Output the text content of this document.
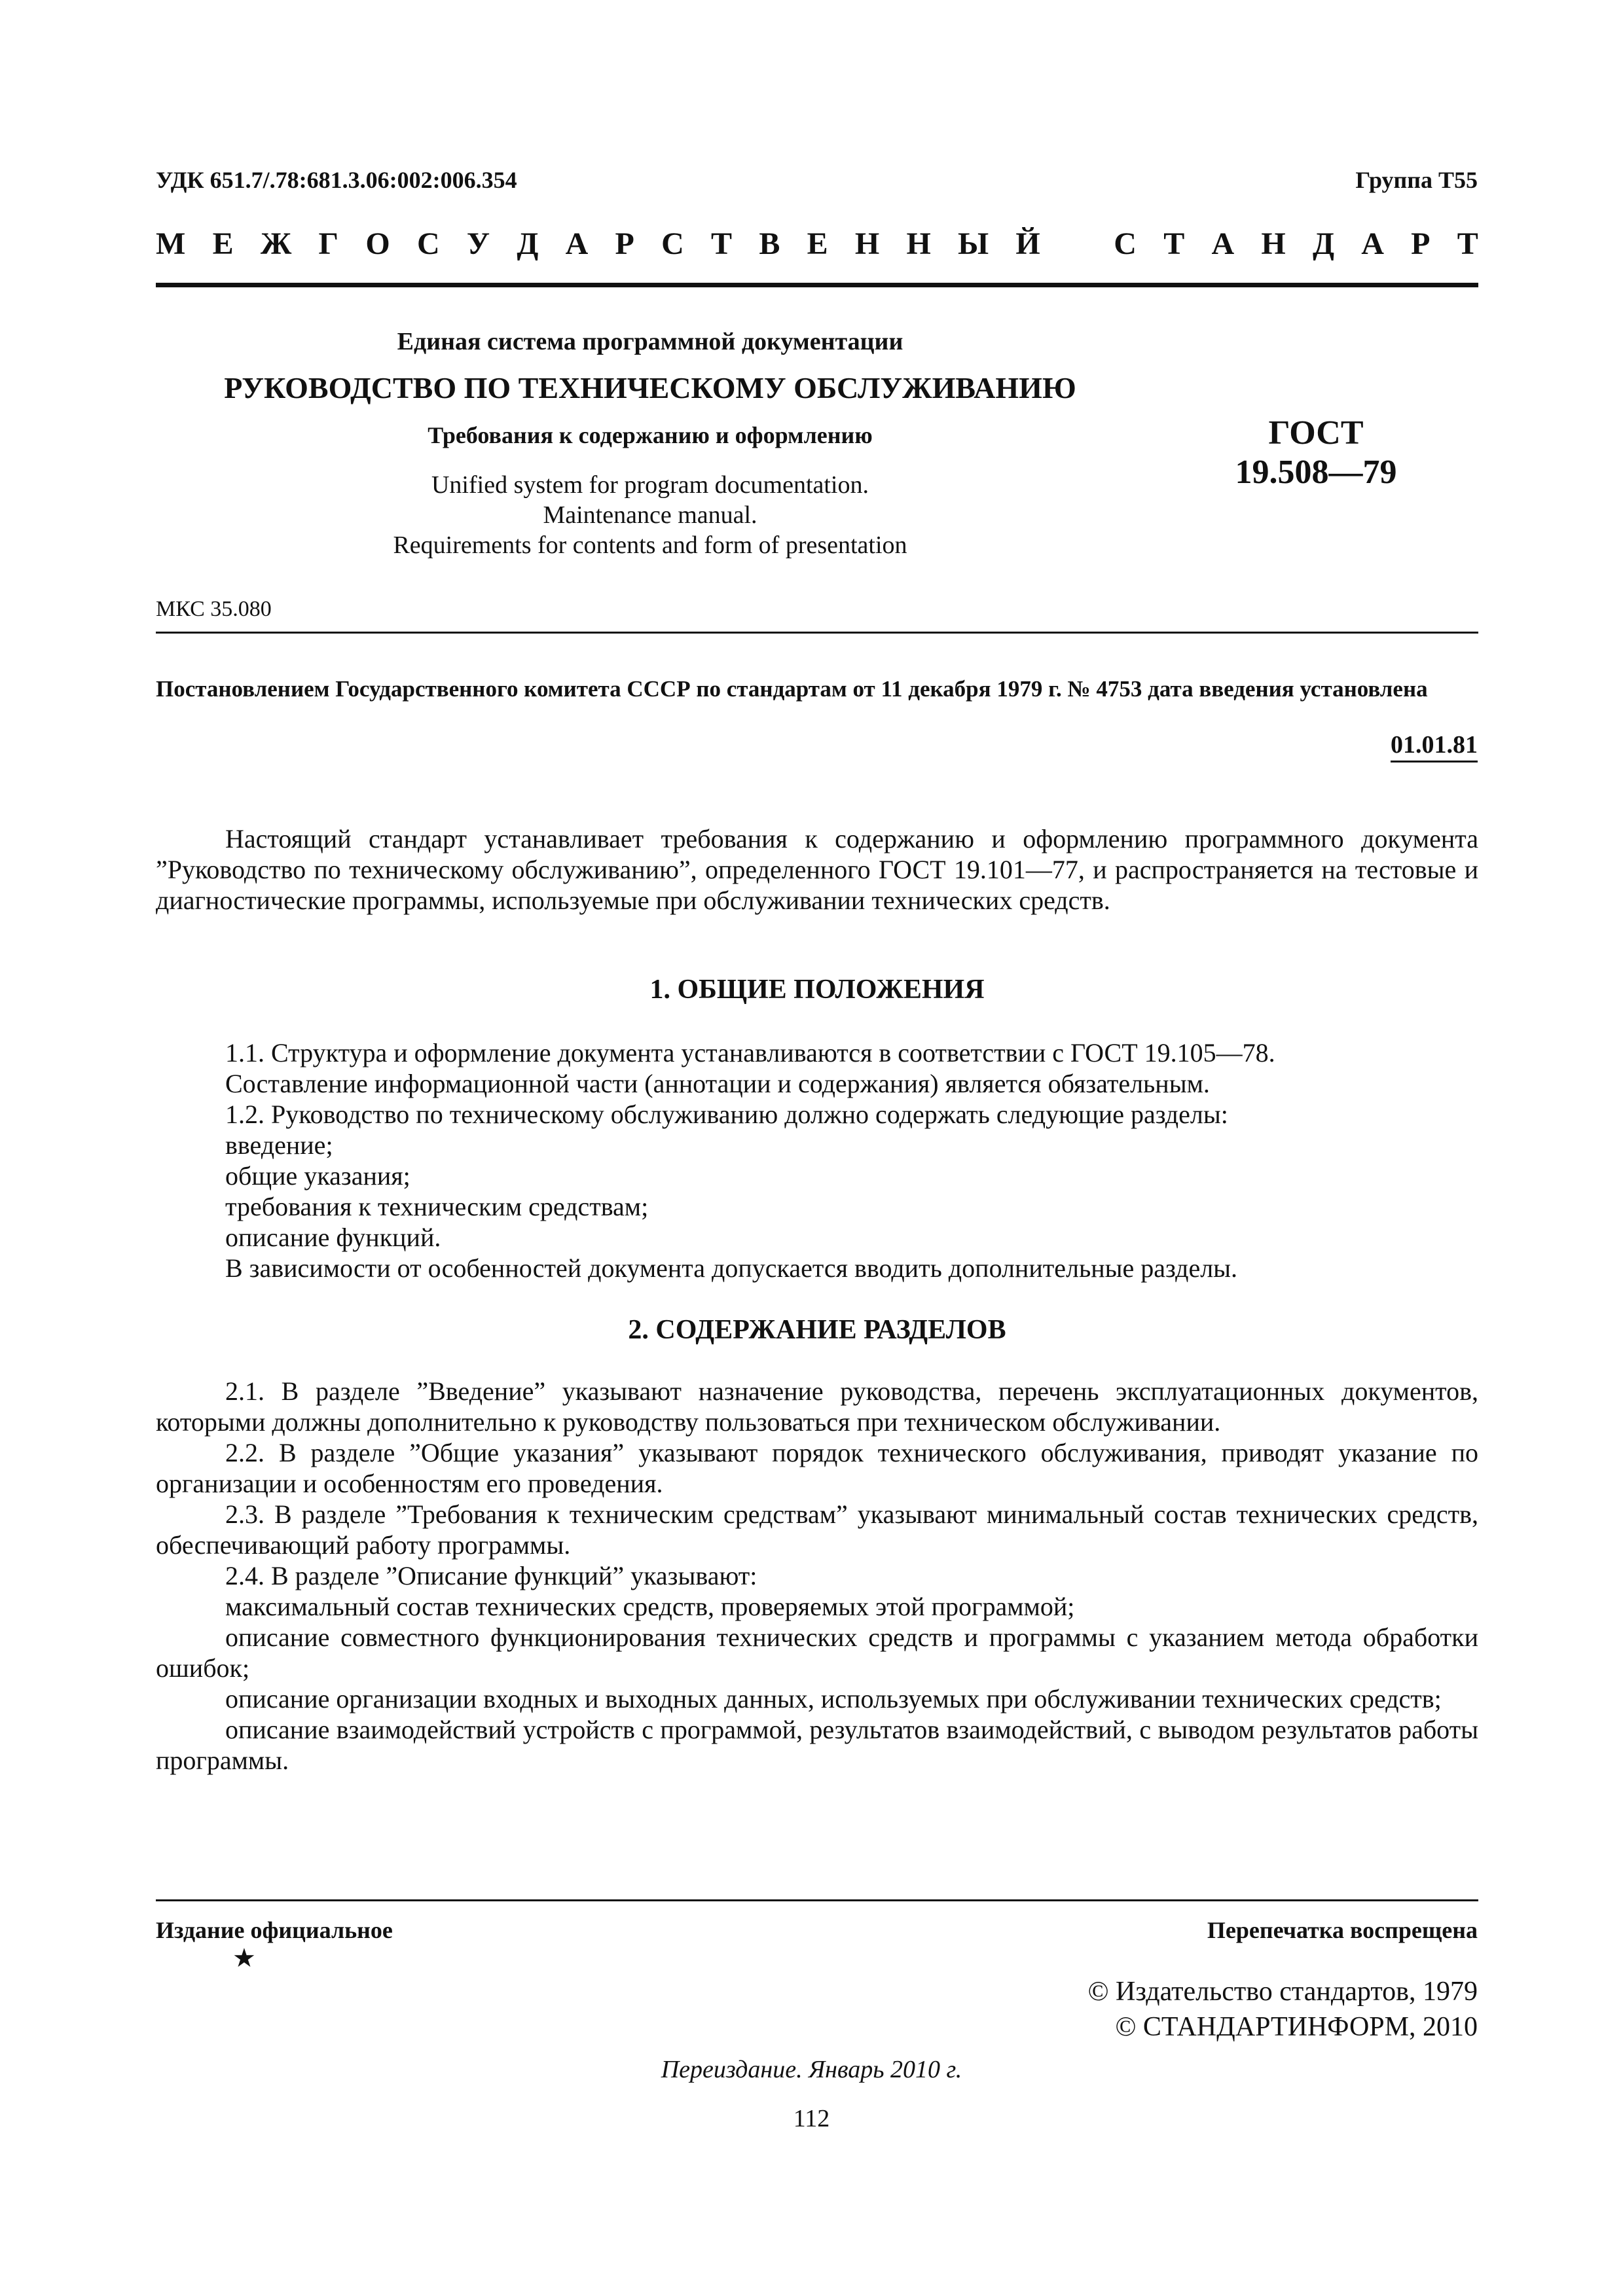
УДК 651.7/.78:681.3.06:002:006.354	Группа Т55
М Е Ж Г О С У Д А Р С Т В Е Н Н Ы Й С Т А Н Д А Р Т
Единая система программной документации
РУКОВОДСТВО ПО ТЕХНИЧЕСКОМУ ОБСЛУЖИВАНИЮ
Требования к содержанию и оформлению
Unified system for program documentation.
Maintenance manual.
Requirements for contents and form of presentation
ГОСТ
19.508—79
МКС 35.080
Постановлением Государственного комитета СССР по стандартам от 11 декабря 1979 г. № 4753 дата введения установлена
01.01.81

Настоящий стандарт устанавливает требования к содержанию и оформлению программного документа ”Руководство по техническому обслуживанию”, определенного ГОСТ 19.101—77, и распространяется на тестовые и диагностические программы, используемые при обслуживании технических средств.

1. ОБЩИЕ ПОЛОЖЕНИЯ

1.1. Структура и оформление документа устанавливаются в соответствии с ГОСТ 19.105—78.

Составление информационной части (аннотации и содержания) является обязательным.

1.2. Руководство по техническому обслуживанию должно содержать следующие разделы:

введение;

общие указания;

требования к техническим средствам;

описание функций.

В зависимости от особенностей документа допускается вводить дополнительные разделы.

2. СОДЕРЖАНИЕ РАЗДЕЛОВ

2.1. В разделе ”Введение” указывают назначение руководства, перечень эксплуатационных документов, которыми должны дополнительно к руководству пользоваться при техническом обслуживании.

2.2. В разделе ”Общие указания” указывают порядок технического обслуживания, приводят указание по организации и особенностям его проведения.

2.3. В разделе ”Требования к техническим средствам” указывают минимальный состав технических средств, обеспечивающий работу программы.

2.4. В разделе ”Описание функций” указывают:

максимальный состав технических средств, проверяемых этой программой;

описание совместного функционирования технических средств и программы с указанием метода обработки ошибок;

описание организации входных и выходных данных, используемых при обслуживании технических средств;

описание взаимодействий устройств с программой, результатов взаимодействий, с выводом результатов работы программы.

Издание официальное
★
Перепечатка воспрещена
© Издательство стандартов, 1979
© СТАНДАРТИНФОРМ, 2010
Переиздание. Январь 2010 г.
112
